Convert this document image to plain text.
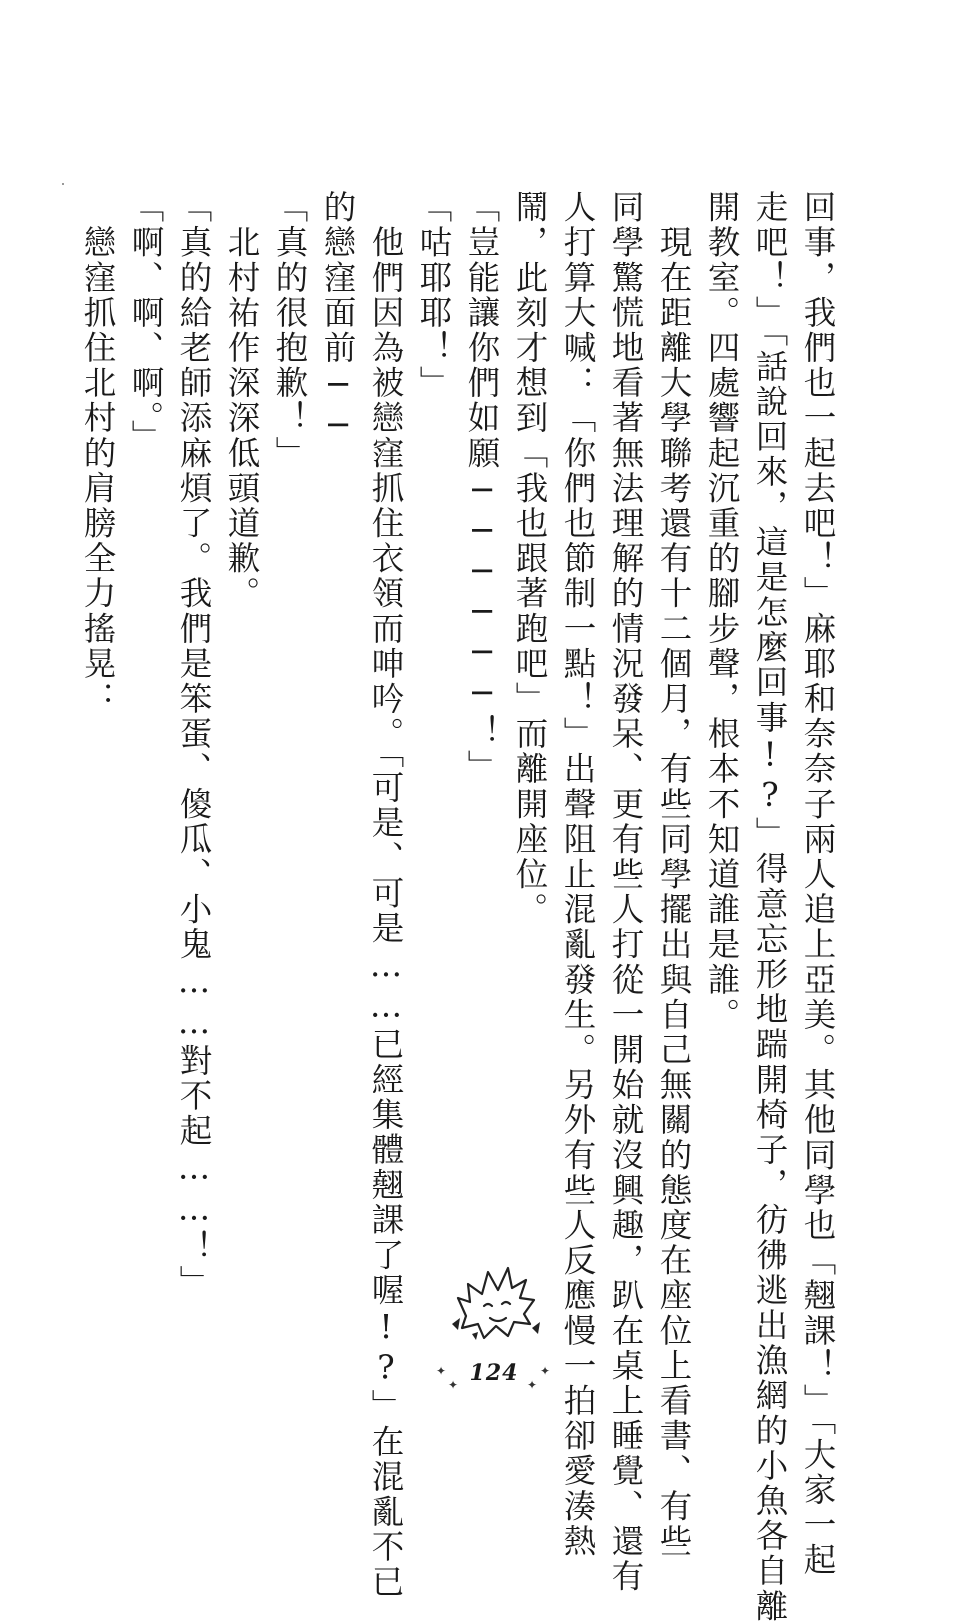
回事，我們也一起去吧！」麻耶和奈奈子兩人追上亞美。其他同學也「翹課！」「大家一起
走吧！」「話說回來，這是怎麼回事!?」得意忘形地踹開椅子，彷彿逃出漁網的小魚各自離
開教室。四處響起沉重的腳步聲，根本不知道誰是誰。
　現在距離大學聯考還有十二個月，有些同學擺出與自己無關的態度在座位上看書、有些
同學驚慌地看著無法理解的情況發呆、更有些人打從一開始就沒興趣，趴在桌上睡覺、還有
人打算大喊：「你們也節制一點！」出聲阻止混亂發生。另外有些人反應慢一拍卻愛湊熱
鬧，此刻才想到「我也跟著跑吧」而離開座位。
「豈能讓你們如願──────！」
「咕耶耶！」
　他們因為被戀窪抓住衣領而呻吟。「可是、可是……已經集體翹課了喔!?」在混亂不已
的戀窪面前──
「真的很抱歉！」
　北村祐作深深低頭道歉。
「真的給老師添麻煩了。我們是笨蛋、傻瓜、小鬼……對不起……！」
「啊、啊、啊。」
　戀窪抓住北村的肩膀全力搖晃：
✦
✦	✦
✦
124
